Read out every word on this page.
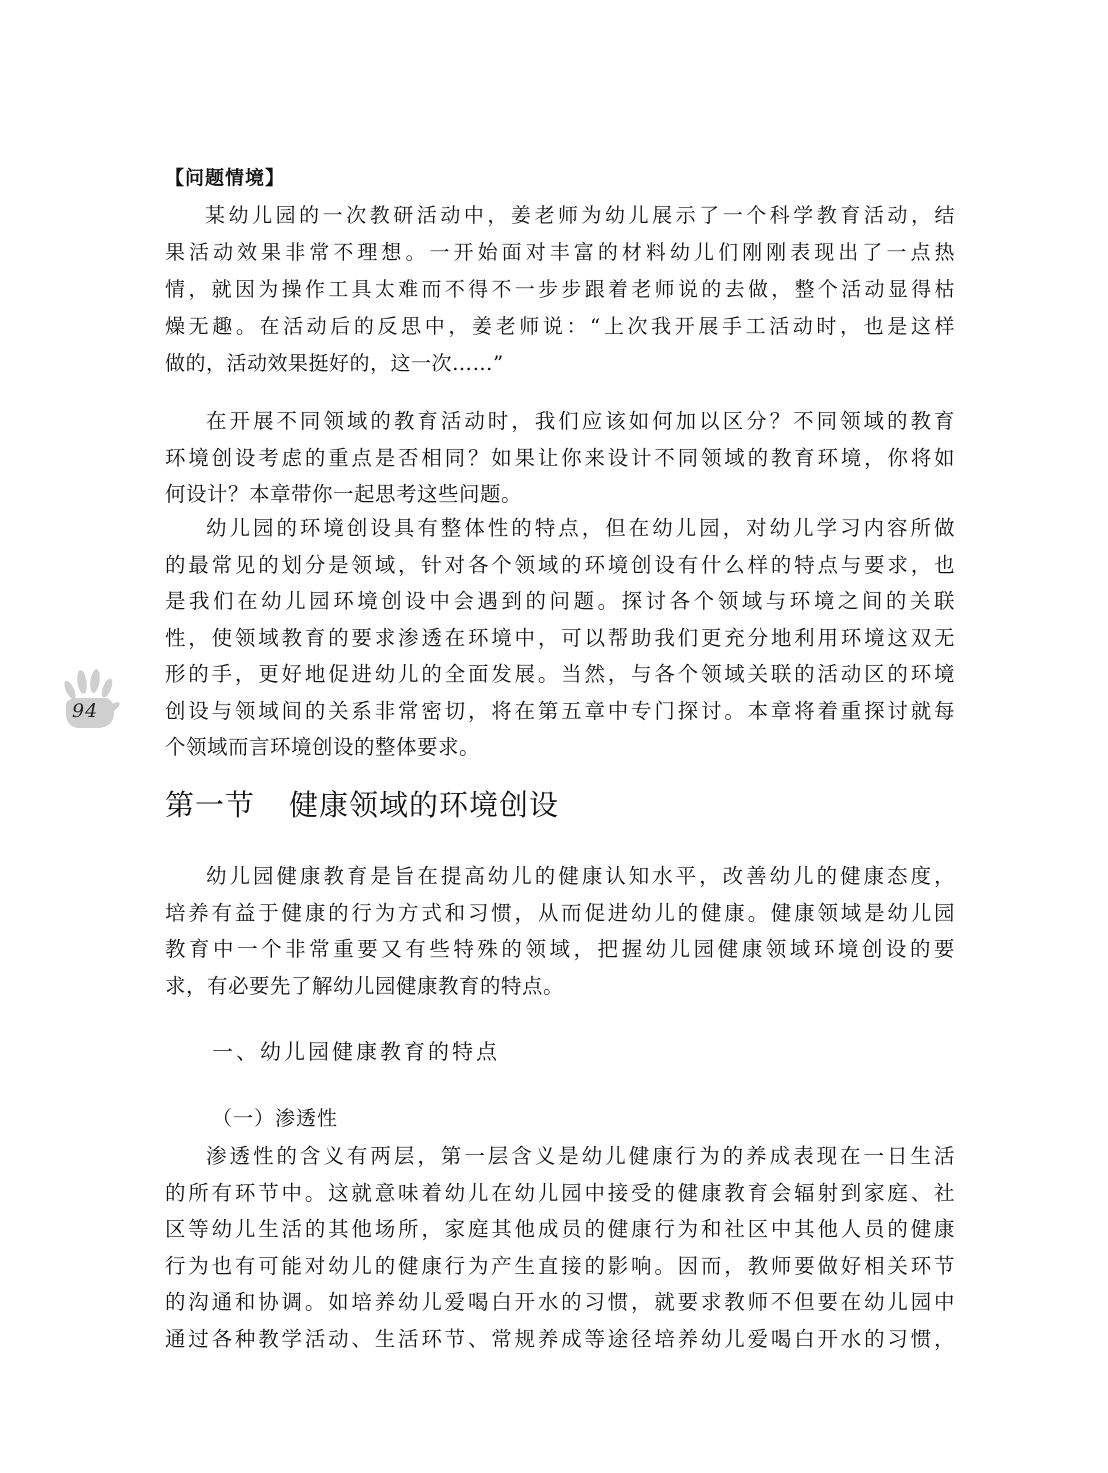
【问题情境】

某幼儿园的一次教研活动中，姜老师为幼儿展示了一个科学教育活动，结

果活动效果非常不理想。一开始面对丰富的材料幼儿们刚刚表现出了一点热

情，就因为操作工具太难而不得不一步步跟着老师说的去做，整个活动显得枯

燥无趣。在活动后的反思中，姜老师说：“上次我开展手工活动时，也是这样

做的，活动效果挺好的，这一次……”

在开展不同领域的教育活动时，我们应该如何加以区分？不同领域的教育

环境创设考虑的重点是否相同？如果让你来设计不同领域的教育环境，你将如

何设计？本章带你一起思考这些问题。

幼儿园的环境创设具有整体性的特点，但在幼儿园，对幼儿学习内容所做

的最常见的划分是领域，针对各个领域的环境创设有什么样的特点与要求，也

是我们在幼儿园环境创设中会遇到的问题。探讨各个领域与环境之间的关联

性，使领域教育的要求渗透在环境中，可以帮助我们更充分地利用环境这双无

形的手，更好地促进幼儿的全面发展。当然，与各个领域关联的活动区的环境

创设与领域间的关系非常密切，将在第五章中专门探讨。本章将着重探讨就每

个领域而言环境创设的整体要求。

第一节 健康领域的环境创设

幼儿园健康教育是旨在提高幼儿的健康认知水平，改善幼儿的健康态度，

培养有益于健康的行为方式和习惯，从而促进幼儿的健康。健康领域是幼儿园

教育中一个非常重要又有些特殊的领域，把握幼儿园健康领域环境创设的要

求，有必要先了解幼儿园健康教育的特点。

一、幼儿园健康教育的特点
（一）渗透性

渗透性的含义有两层，第一层含义是幼儿健康行为的养成表现在一日生活

的所有环节中。这就意味着幼儿在幼儿园中接受的健康教育会辐射到家庭、社

区等幼儿生活的其他场所，家庭其他成员的健康行为和社区中其他人员的健康

行为也有可能对幼儿的健康行为产生直接的影响。因而，教师要做好相关环节

的沟通和协调。如培养幼儿爱喝白开水的习惯，就要求教师不但要在幼儿园中

通过各种教学活动、生活环节、常规养成等途径培养幼儿爱喝白开水的习惯，

94
